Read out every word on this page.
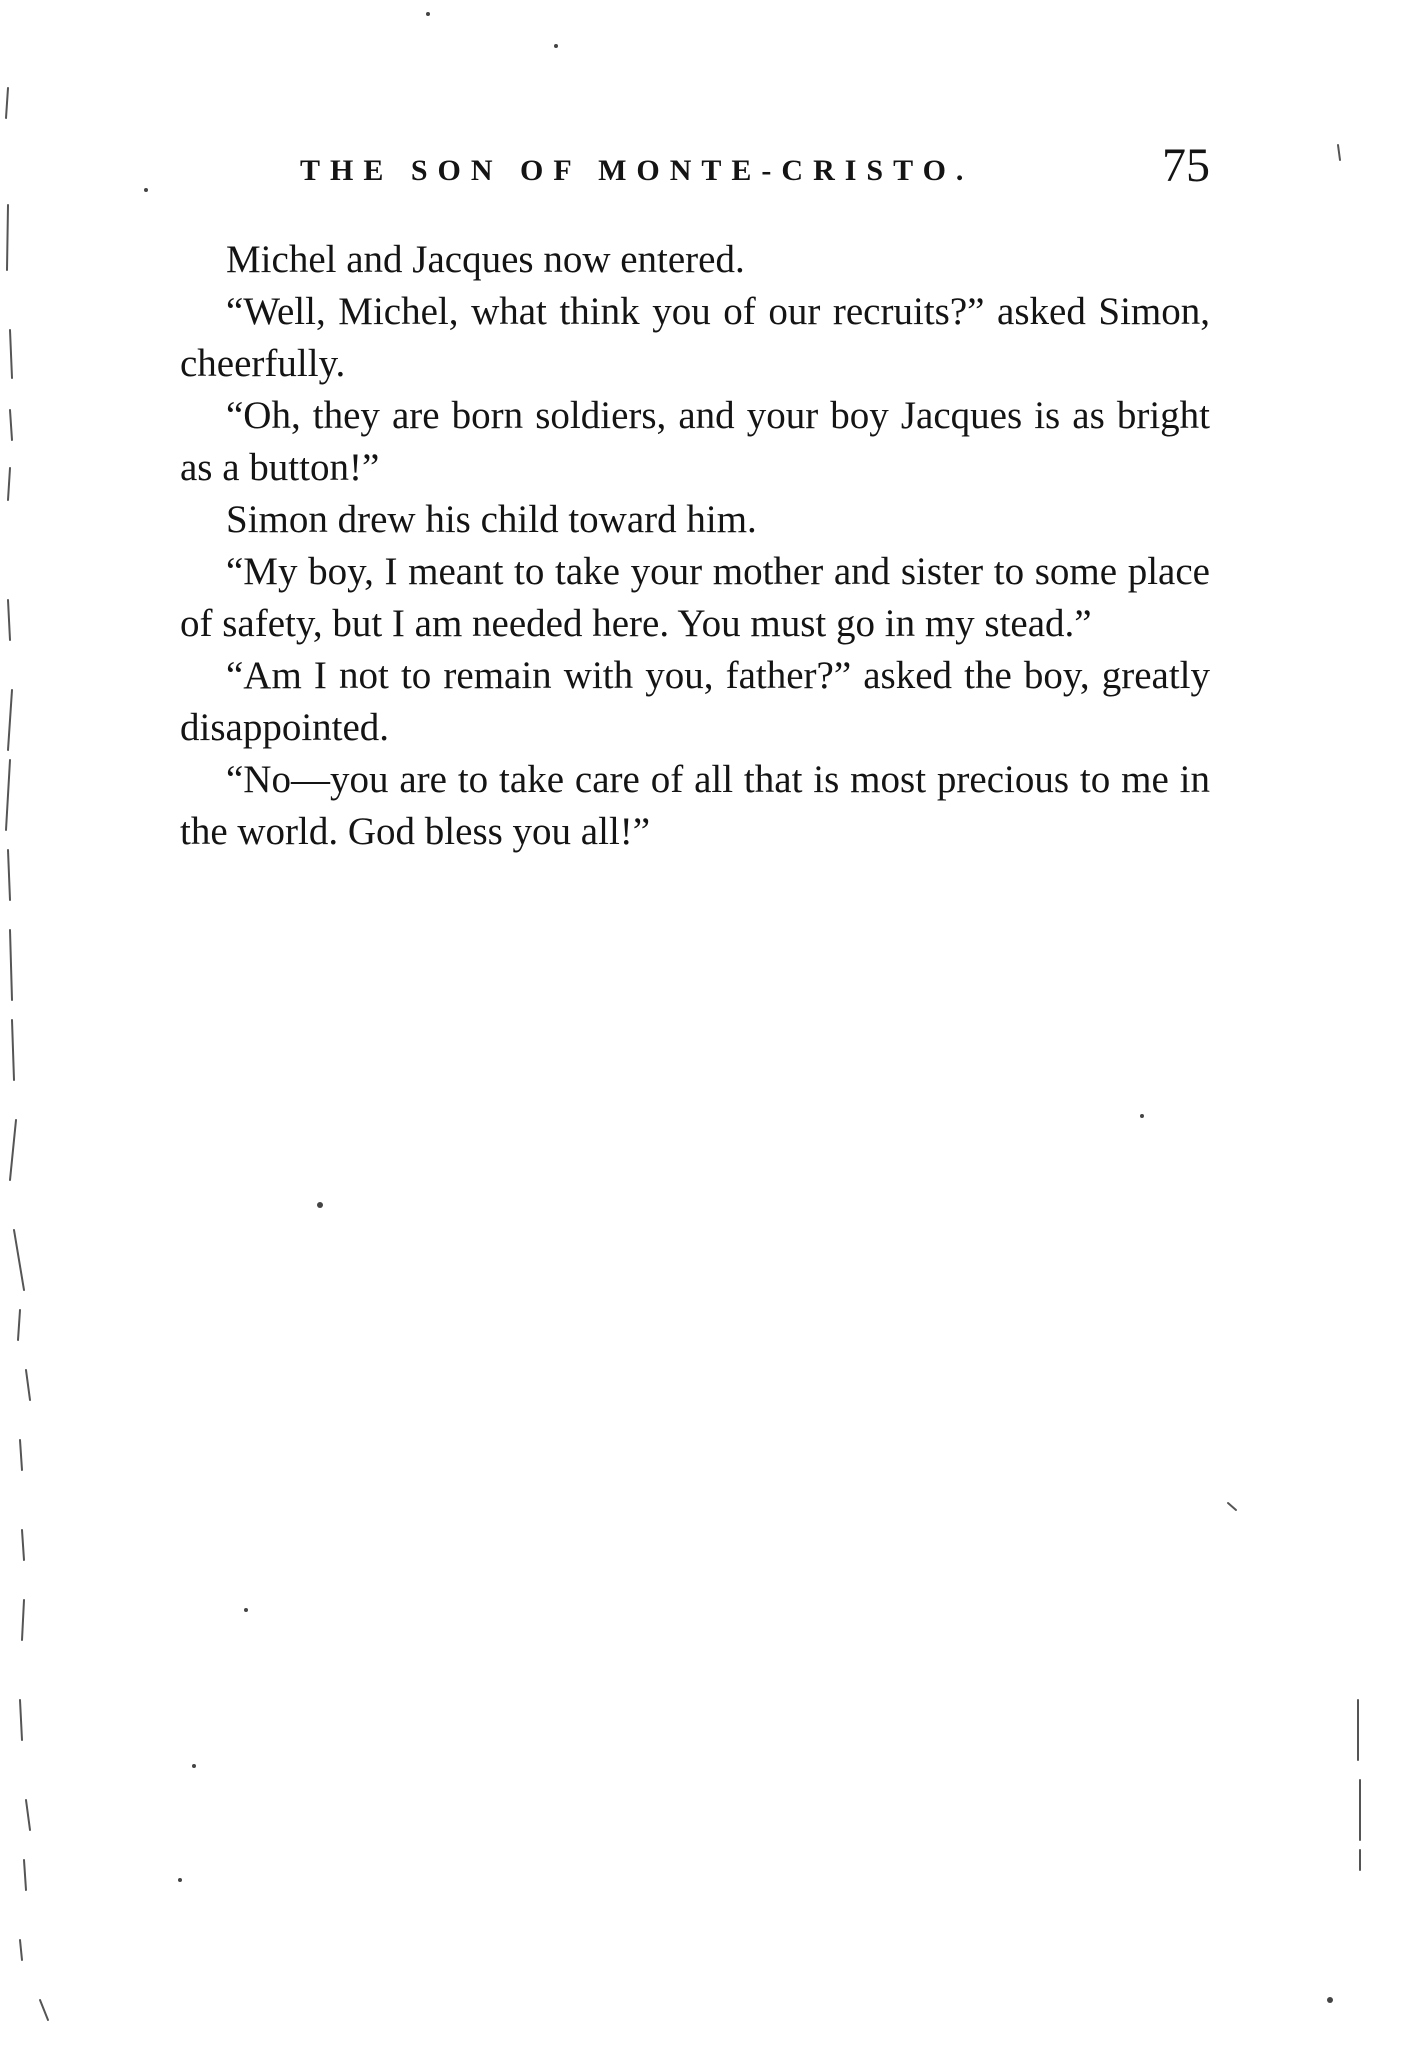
THE SON OF MONTE-CRISTO.	75

Michel and Jacques now entered.

“Well, Michel, what think you of our recruits?” asked Simon, cheerfully.

“Oh, they are born soldiers, and your boy Jacques is as bright as a button!”

Simon drew his child toward him.

“My boy, I meant to take your mother and sister to some place of safety, but I am needed here. You must go in my stead.”

“Am I not to remain with you, father?” asked the boy, greatly disappointed.

“No—you are to take care of all that is most precious to me in the world. God bless you all!”
